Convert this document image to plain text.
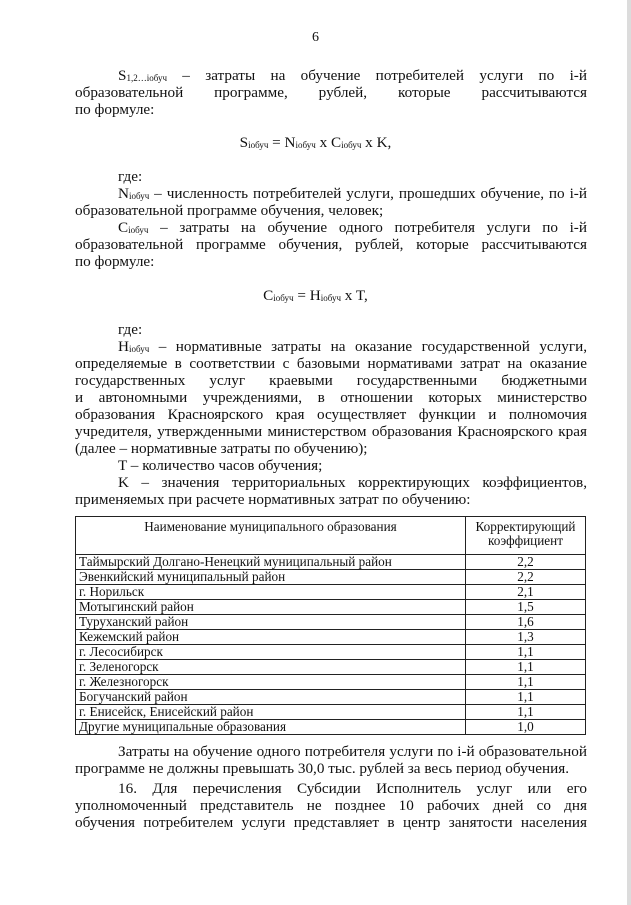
6
$S_{1,2\dots iобуч}$ – затраты на обучение потребителей услуги по i-й
образовательной программе, рублей, которые рассчитываются
по формуле:
$S_{iобуч} = N_{iобуч}$ x $C_{iобуч}$ x K,
где:
$N_{iобуч}$ – численность потребителей услуги, прошедших обучение, по i-й
образовательной программе обучения, человек;
$C_{iобуч}$ – затраты на обучение одного потребителя услуги по i-й
образовательной программе обучения, рублей, которые рассчитываются
по формуле:
$C_{iобуч} = H_{iобуч}$ x T,
где:
$H_{iобуч}$ – нормативные затраты на оказание государственной услуги,
определяемые в соответствии с базовыми нормативами затрат на оказание
государственных услуг краевыми государственными бюджетными
и автономными учреждениями, в отношении которых министерство
образования Красноярского края осуществляет функции и полномочия
учредителя, утвержденными министерством образования Красноярского края
(далее – нормативные затраты по обучению);
T – количество часов обучения;
K – значения территориальных корректирующих коэффициентов,
применяемых при расчете нормативных затрат по обучению:
Наименование муниципального образования	Корректирующий коэффициент
Таймырский Долгано-Ненецкий муниципальный район	2,2
Эвенкийский муниципальный район	2,2
г. Норильск	2,1
Мотыгинский район	1,5
Туруханский район	1,6
Кежемский район	1,3
г. Лесосибирск	1,1
г. Зеленогорск	1,1
г. Железногорск	1,1
Богучанский район	1,1
г. Енисейск, Енисейский район	1,1
Другие муниципальные образования	1,0
Затраты на обучение одного потребителя услуги по i-й образовательной
программе не должны превышать 30,0 тыс. рублей за весь период обучения.
16. Для перечисления Субсидии Исполнитель услуг или его
уполномоченный представитель не позднее 10 рабочих дней со дня
обучения потребителем услуги представляет в центр занятости населения
